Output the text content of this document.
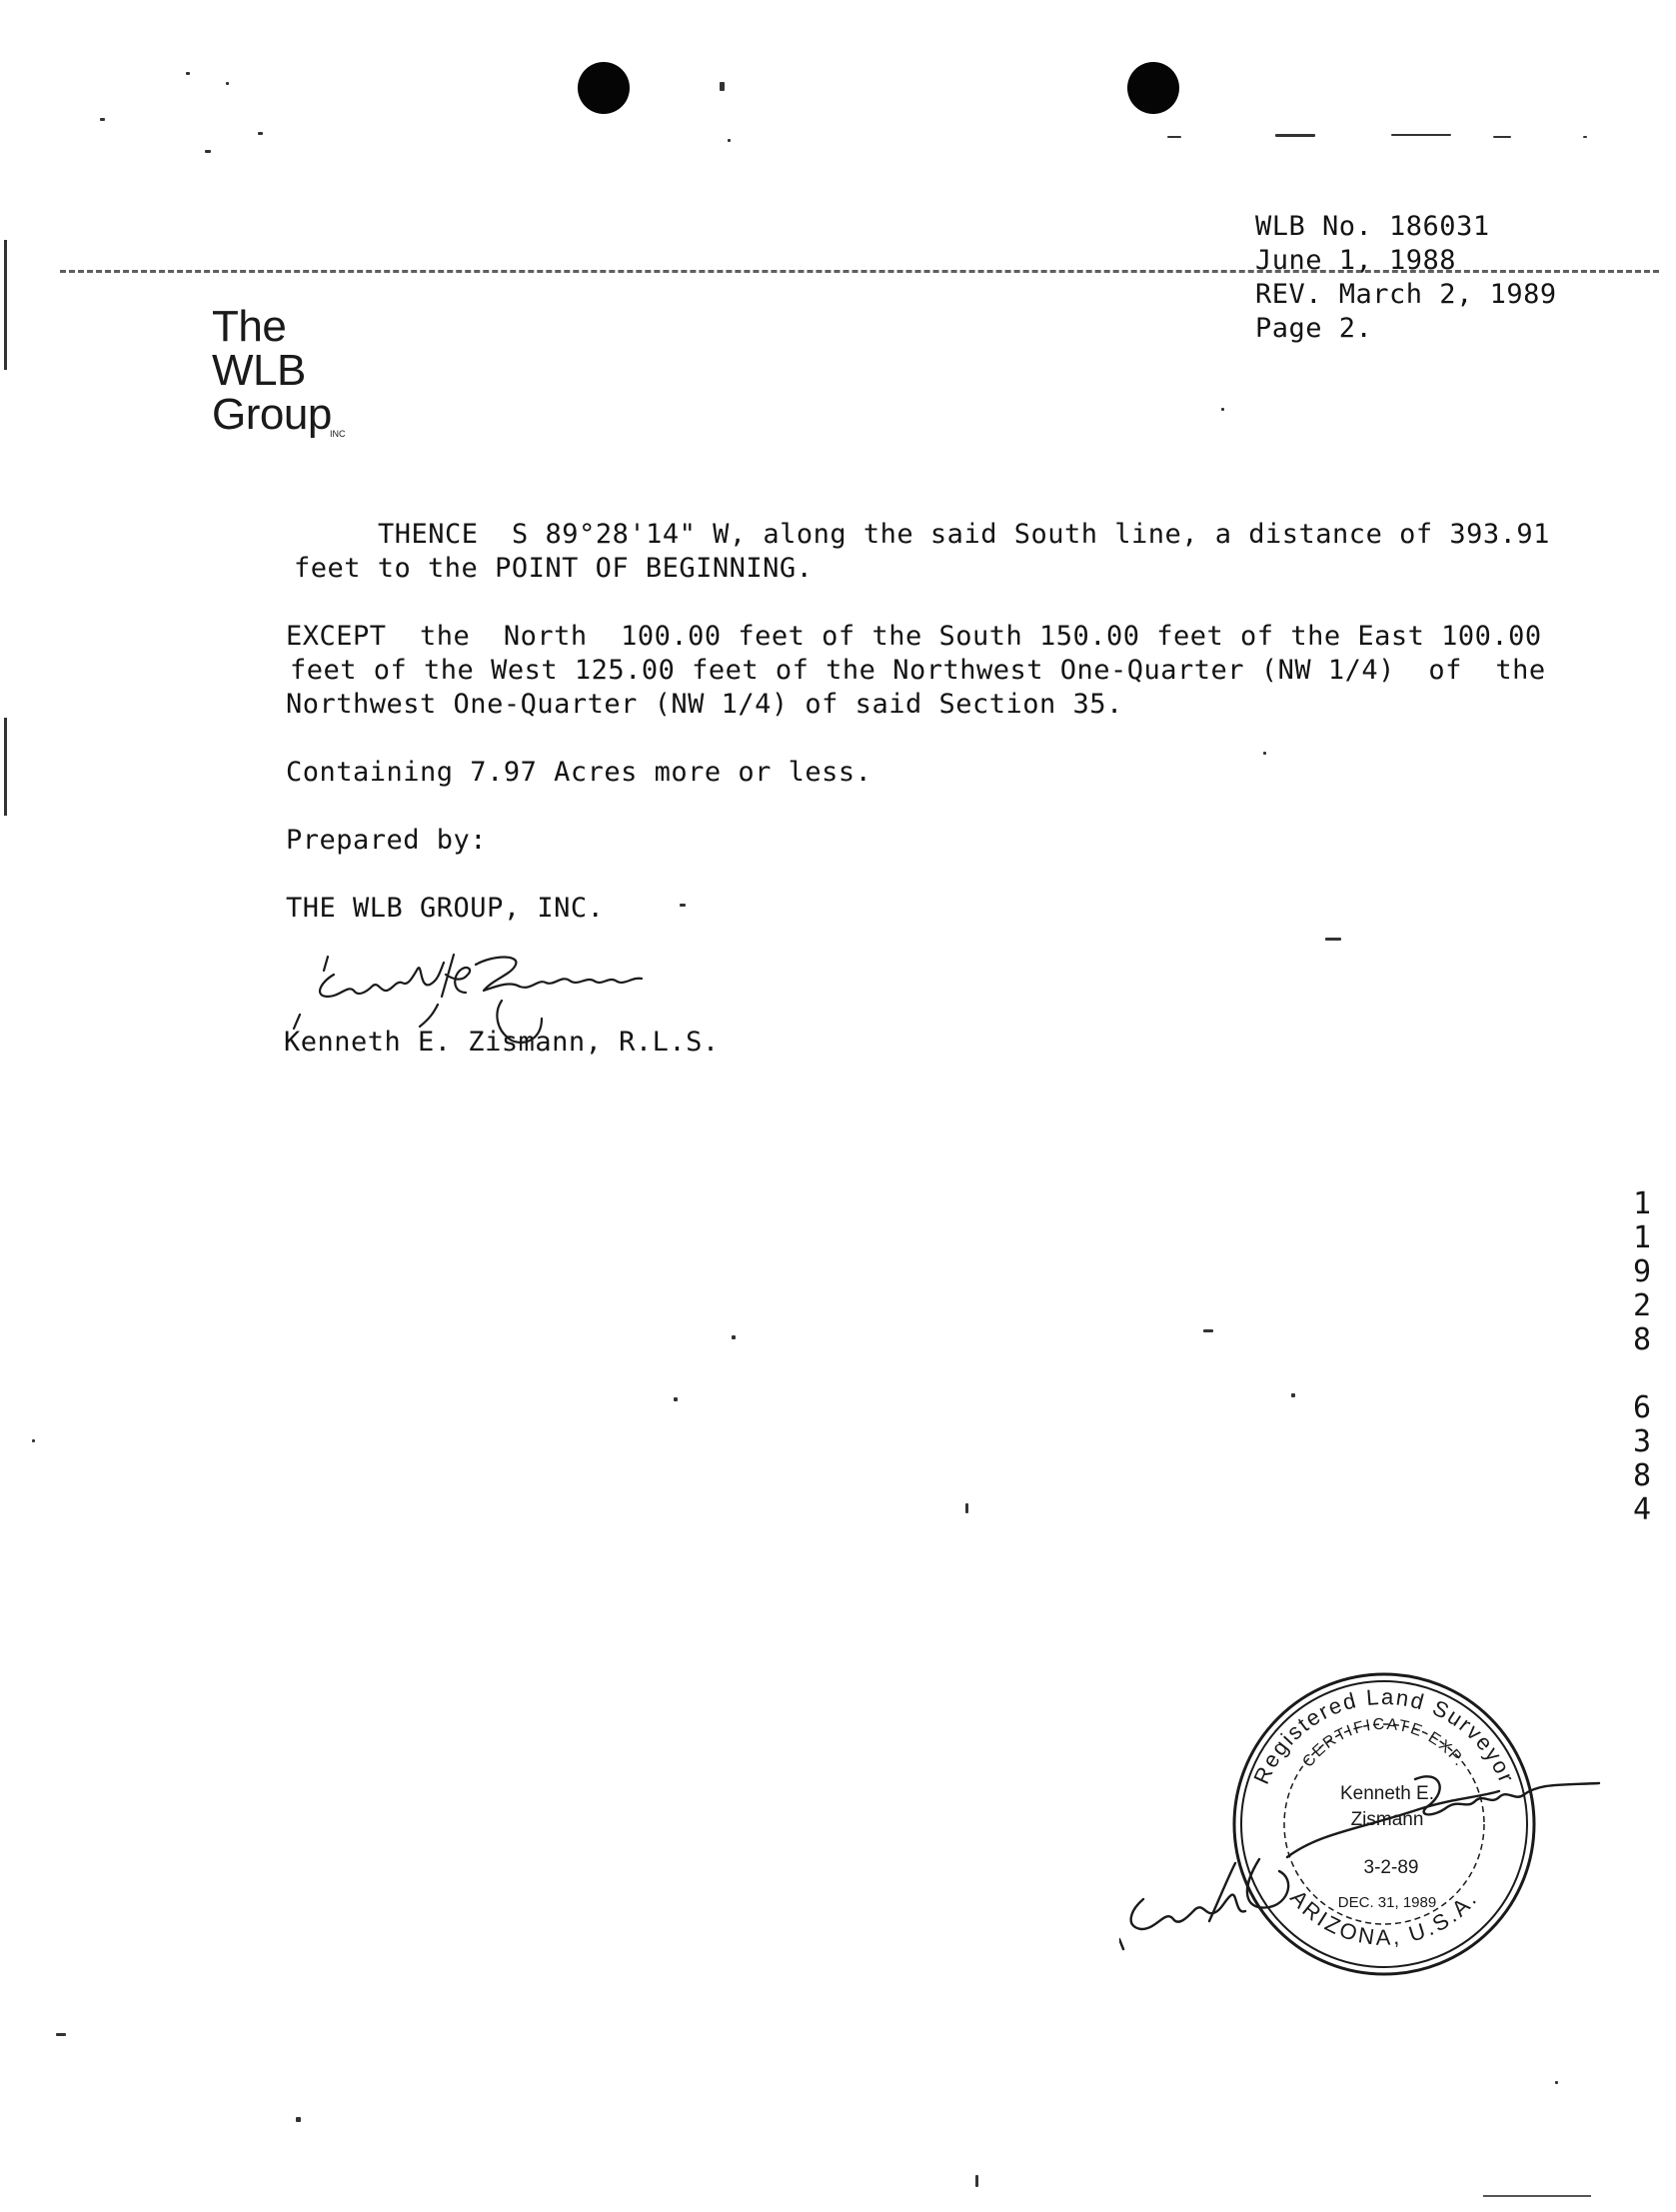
The
WLB
Group
INC
WLB No. 186031
June 1, 1988
REV. March 2, 1989
Page 2.
THENCE  S 89°28'14" W, along the said South line, a distance of 393.91
feet to the POINT OF BEGINNING.
EXCEPT  the  North  100.00 feet of the South 150.00 feet of the East 100.00
feet of the West 125.00 feet of the Northwest One-Quarter (NW 1/4)  of  the
Northwest One-Quarter (NW 1/4) of said Section 35.
Containing 7.97 Acres more or less.
Prepared by:
THE WLB GROUP, INC.
Kenneth E. Zismann, R.L.S.
1
1
9
2
8
6
3
8
4
Registered Land Surveyor
CERTIFICATE EXP.
ARIZONA, U.S.A.
Kenneth E.
Zismann
3-2-89
DEC. 31, 1989
